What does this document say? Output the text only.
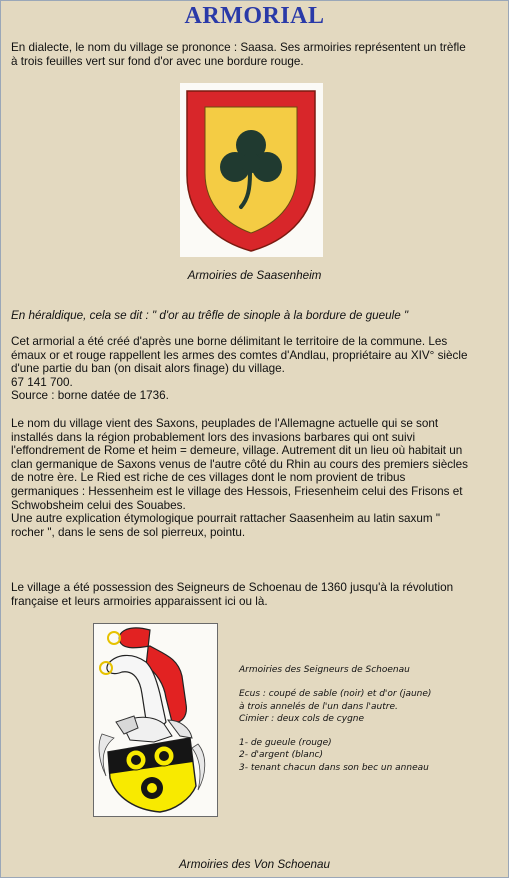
ARMORIAL
En dialecte, le nom du village se prononce : Saasa. Ses armoiries représentent un trèfle
à trois feuilles vert sur fond d'or avec une bordure rouge.
Armoiries de Saasenheim
En héraldique, cela se dit : " d'or au trêfle de sinople à la bordure de gueule "
Cet armorial a été créé d'après une borne délimitant le territoire de la commune. Les
émaux or et rouge rappellent les armes des comtes d'Andlau, propriétaire au XIV° siècle
d'une partie du ban (on disait alors finage) du village.
67 141 700.
Source : borne datée de 1736.
Le nom du village vient des Saxons, peuplades de l'Allemagne actuelle qui se sont
installés dans la région probablement lors des invasions barbares qui ont suivi
l'effondrement de Rome et heim = demeure, village. Autrement dit un lieu où habitait un
clan germanique de Saxons venus de l'autre côté du Rhin au cours des premiers siècles
de notre ère. Le Ried est riche de ces villages dont le nom provient de tribus
germaniques : Hessenheim est le village des Hessois, Friesenheim celui des Frisons et
Schwobsheim celui des Souabes.
Une autre explication étymologique pourrait rattacher Saasenheim au latin saxum "
rocher ", dans le sens de sol pierreux, pointu.
Le village a été possession des Seigneurs de Schoenau de 1360 jusqu'à la révolution
française et leurs armoiries apparaissent ici ou là.
Armoiries des Seigneurs de Schoenau
Ecus : coupé de sable (noir) et d'or (jaune)
à trois annelés de l'un dans l'autre.
Cimier : deux cols de cygne
1- de gueule (rouge)
2- d'argent (blanc)
3- tenant chacun dans son bec un anneau
Armoiries des Von Schoenau
